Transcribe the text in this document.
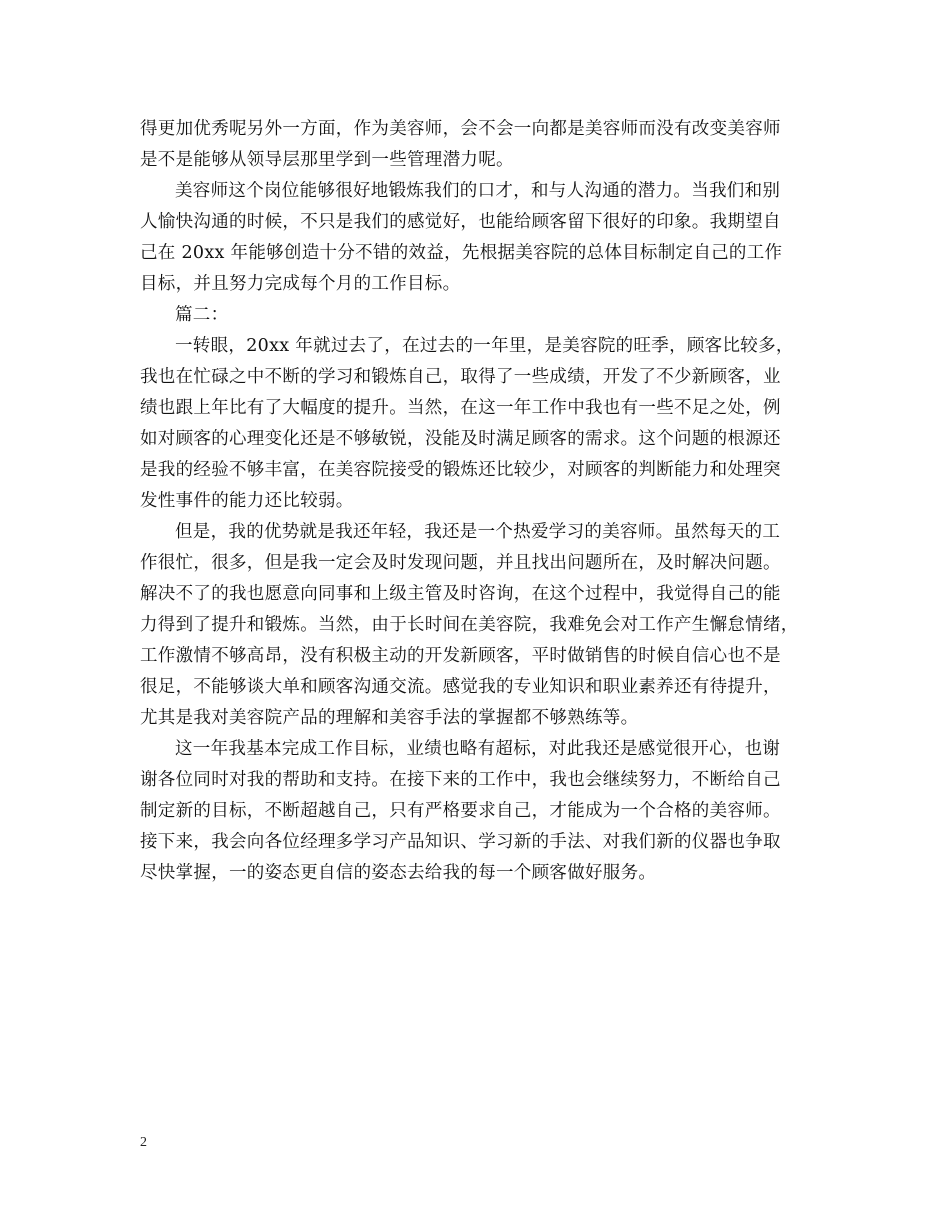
得更加优秀呢另外一方面，作为美容师，会不会一向都是美容师而没有改变美容师
是不是能够从领导层那里学到一些管理潜力呢。
美容师这个岗位能够很好地锻炼我们的口才，和与人沟通的潜力。当我们和别
人愉快沟通的时候，不只是我们的感觉好，也能给顾客留下很好的印象。我期望自
己在 20xx 年能够创造十分不错的效益，先根据美容院的总体目标制定自己的工作
目标，并且努力完成每个月的工作目标。
篇二：
一转眼，20xx 年就过去了，在过去的一年里，是美容院的旺季，顾客比较多，
我也在忙碌之中不断的学习和锻炼自己，取得了一些成绩，开发了不少新顾客，业
绩也跟上年比有了大幅度的提升。当然，在这一年工作中我也有一些不足之处，例
如对顾客的心理变化还是不够敏锐，没能及时满足顾客的需求。这个问题的根源还
是我的经验不够丰富，在美容院接受的锻炼还比较少，对顾客的判断能力和处理突
发性事件的能力还比较弱。
但是，我的优势就是我还年轻，我还是一个热爱学习的美容师。虽然每天的工
作很忙，很多，但是我一定会及时发现问题，并且找出问题所在，及时解决问题。
解决不了的我也愿意向同事和上级主管及时咨询，在这个过程中，我觉得自己的能
力得到了提升和锻炼。当然，由于长时间在美容院，我难免会对工作产生懈怠情绪，
工作激情不够高昂，没有积极主动的开发新顾客，平时做销售的时候自信心也不是
很足，不能够谈大单和顾客沟通交流。感觉我的专业知识和职业素养还有待提升，
尤其是我对美容院产品的理解和美容手法的掌握都不够熟练等。
这一年我基本完成工作目标，业绩也略有超标，对此我还是感觉很开心，也谢
谢各位同时对我的帮助和支持。在接下来的工作中，我也会继续努力，不断给自己
制定新的目标，不断超越自己，只有严格要求自己，才能成为一个合格的美容师。
接下来，我会向各位经理多学习产品知识、学习新的手法、对我们新的仪器也争取
尽快掌握，一的姿态更自信的姿态去给我的每一个顾客做好服务。
2
